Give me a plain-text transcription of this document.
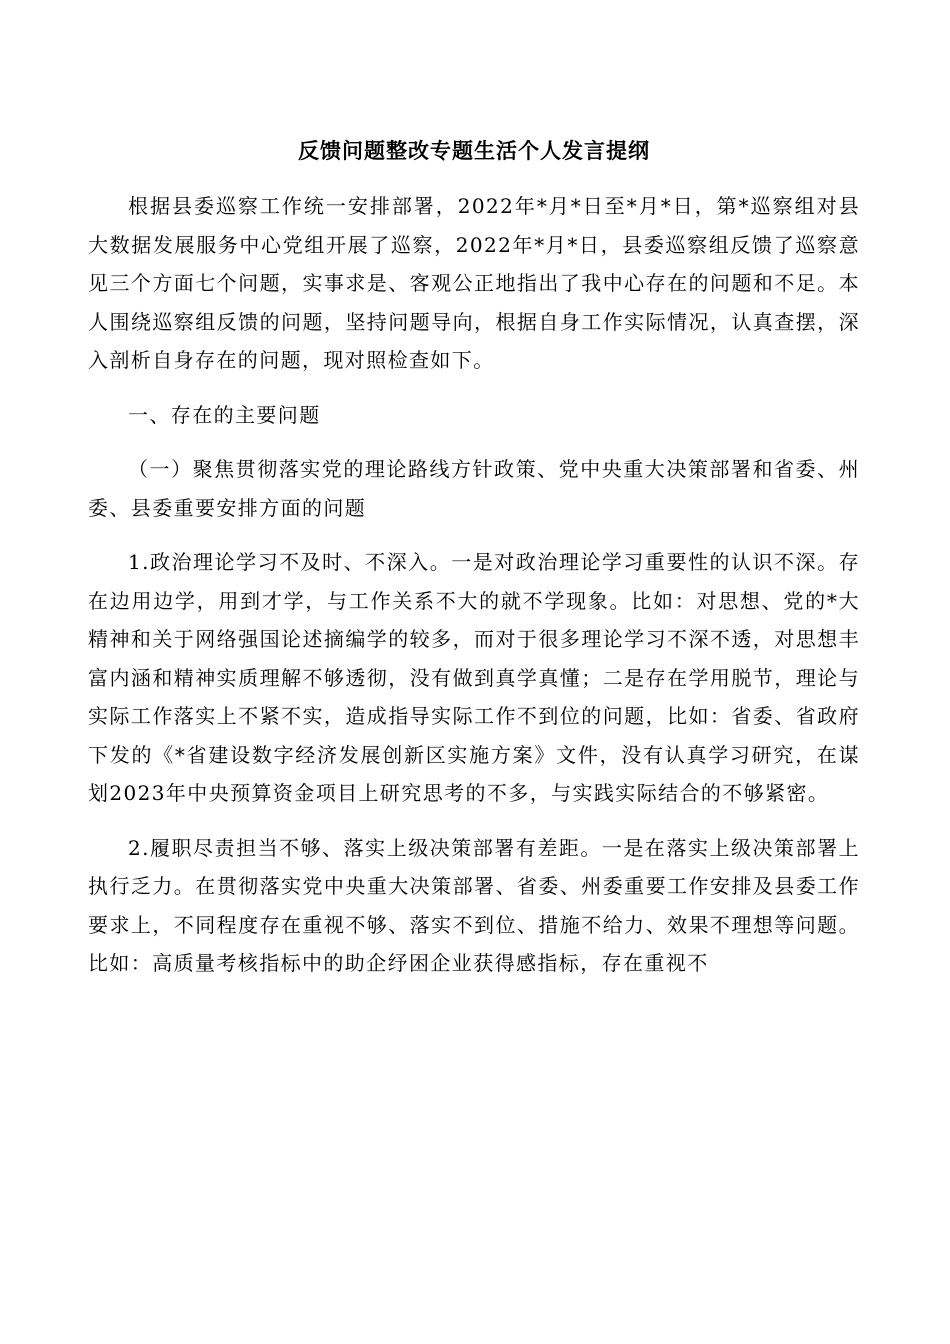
反馈问题整改专题生活个人发言提纲
根据县委巡察工作统一安排部署，2022年*月*日至*月*日，第*巡察组对县大数据发展服务中心党组开展了巡察，2022年*月*日，县委巡察组反馈了巡察意见三个方面七个问题，实事求是、客观公正地指出了我中心存在的问题和不足。本人围绕巡察组反馈的问题，坚持问题导向，根据自身工作实际情况，认真查摆，深入剖析自身存在的问题，现对照检查如下。
一、存在的主要问题
（一）聚焦贯彻落实党的理论路线方针政策、党中央重大决策部署和省委、州委、县委重要安排方面的问题
1.政治理论学习不及时、不深入。一是对政治理论学习重要性的认识不深。存在边用边学，用到才学，与工作关系不大的就不学现象。比如：对思想、党的*大精神和关于网络强国论述摘编学的较多，而对于很多理论学习不深不透，对思想丰富内涵和精神实质理解不够透彻，没有做到真学真懂；二是存在学用脱节，理论与实际工作落实上不紧不实，造成指导实际工作不到位的问题，比如：省委、省政府下发的《*省建设数字经济发展创新区实施方案》文件，没有认真学习研究，在谋划2023年中央预算资金项目上研究思考的不多，与实践实际结合的不够紧密。
2.履职尽责担当不够、落实上级决策部署有差距。一是在落实上级决策部署上执行乏力。在贯彻落实党中央重大决策部署、省委、州委重要工作安排及县委工作要求上，不同程度存在重视不够、落实不到位、措施不给力、效果不理想等问题。比如：高质量考核指标中的助企纾困企业获得感指标，存在重视不
